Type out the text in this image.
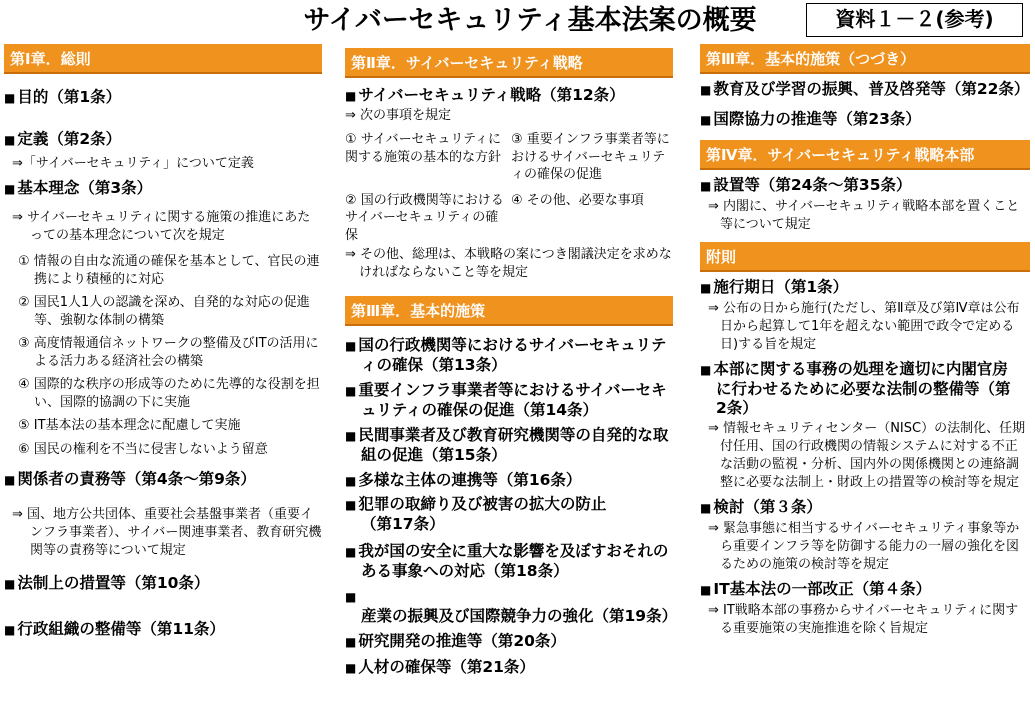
サイバーセキュリティ基本法案の概要	資料１－２(参考)
第Ⅰ章．総則
■ 目的（第1条）
■ 定義（第2条）
⇒「サイバーセキュリティ」について定義
■ 基本理念（第3条）
⇒ サイバーセキュリティに関する施策の推進にあたっての基本理念について次を規定
① 情報の自由な流通の確保を基本として、官民の連携により積極的に対応
② 国民1人1人の認識を深め、自発的な対応の促進等、強靭な体制の構築
③ 高度情報通信ネットワークの整備及びITの活用による活力ある経済社会の構築
④ 国際的な秩序の形成等のために先導的な役割を担い、国際的協調の下に実施
⑤ IT基本法の基本理念に配慮して実施
⑥ 国民の権利を不当に侵害しないよう留意
■ 関係者の責務等（第4条～第9条）
⇒ 国、地方公共団体、重要社会基盤事業者（重要インフラ事業者）、サイバー関連事業者、教育研究機関等の責務等について規定
■ 法制上の措置等（第10条）
■ 行政組織の整備等（第11条）
第Ⅱ章．サイバーセキュリティ戦略
■ サイバーセキュリティ戦略（第12条）
⇒ 次の事項を規定
① サイバーセキュリティに関する施策の基本的な方針
③ 重要インフラ事業者等におけるサイバーセキュリティの確保の促進
② 国の行政機関等におけるサイバーセキュリティの確保
④ その他、必要な事項
⇒ その他、総理は、本戦略の案につき閣議決定を求めなければならないこと等を規定
第Ⅲ章．基本的施策
■ 国の行政機関等におけるサイバーセキュリティの確保（第13条）
■ 重要インフラ事業者等におけるサイバーセキュリティの確保の促進（第14条）
■ 民間事業者及び教育研究機関等の自発的な取組の促進（第15条）
■ 多様な主体の連携等（第16条）
■ 犯罪の取締り及び被害の拡大の防止（第17条）
■ 我が国の安全に重大な影響を及ぼすおそれのある事象への対応（第18条）
■ 産業の振興及び国際競争力の強化（第19条）
■ 研究開発の推進等（第20条）
■ 人材の確保等（第21条）
第Ⅲ章．基本的施策（つづき）
■ 教育及び学習の振興、普及啓発等（第22条）
■ 国際協力の推進等（第23条）
第Ⅳ章．サイバーセキュリティ戦略本部
■ 設置等（第24条～第35条）
⇒ 内閣に、サイバーセキュリティ戦略本部を置くこと等について規定
附則
■ 施行期日（第1条）
⇒ 公布の日から施行(ただし、第Ⅱ章及び第Ⅳ章は公布日から起算して1年を超えない範囲で政令で定める日)する旨を規定
■ 本部に関する事務の処理を適切に内閣官房に行わせるために必要な法制の整備等（第2条）
⇒ 情報セキュリティセンター（NISC）の法制化、任期付任用、国の行政機関の情報システムに対する不正な活動の監視・分析、国内外の関係機関との連絡調整に必要な法制上・財政上の措置等の検討等を規定
■ 検討（第３条）
⇒ 緊急事態に相当するサイバーセキュリティ事象等から重要インフラ等を防御する能力の一層の強化を図るための施策の検討等を規定
■ IT基本法の一部改正（第４条）
⇒ IT戦略本部の事務からサイバーセキュリティに関する重要施策の実施推進を除く旨規定
